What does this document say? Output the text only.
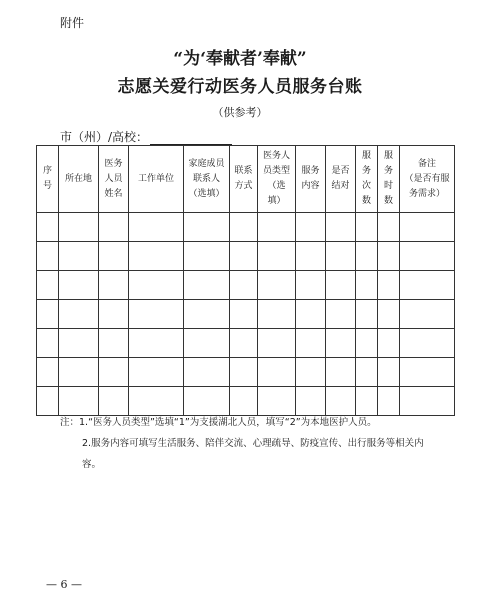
附件
“为‘奉献者’奉献”
志愿关爱行动医务人员服务台账
（供参考）
市（州）/高校：
序
号	所在地	医务
人员
姓名	工作单位	家庭成员
联系人
（选填）	联系
方式	医务人
员类型
（选
填）	服务
内容	是否
结对	服
务
次
数	服
务
时
数	备注
（是否有服
务需求）

注：1.“医务人员类型”选填“1”为支援湖北人员，填写“2”为本地医护人员。

2.服务内容可填写生活服务、陪伴交流、心理疏导、防疫宣传、出行服务等相关内容。

— 6 —
